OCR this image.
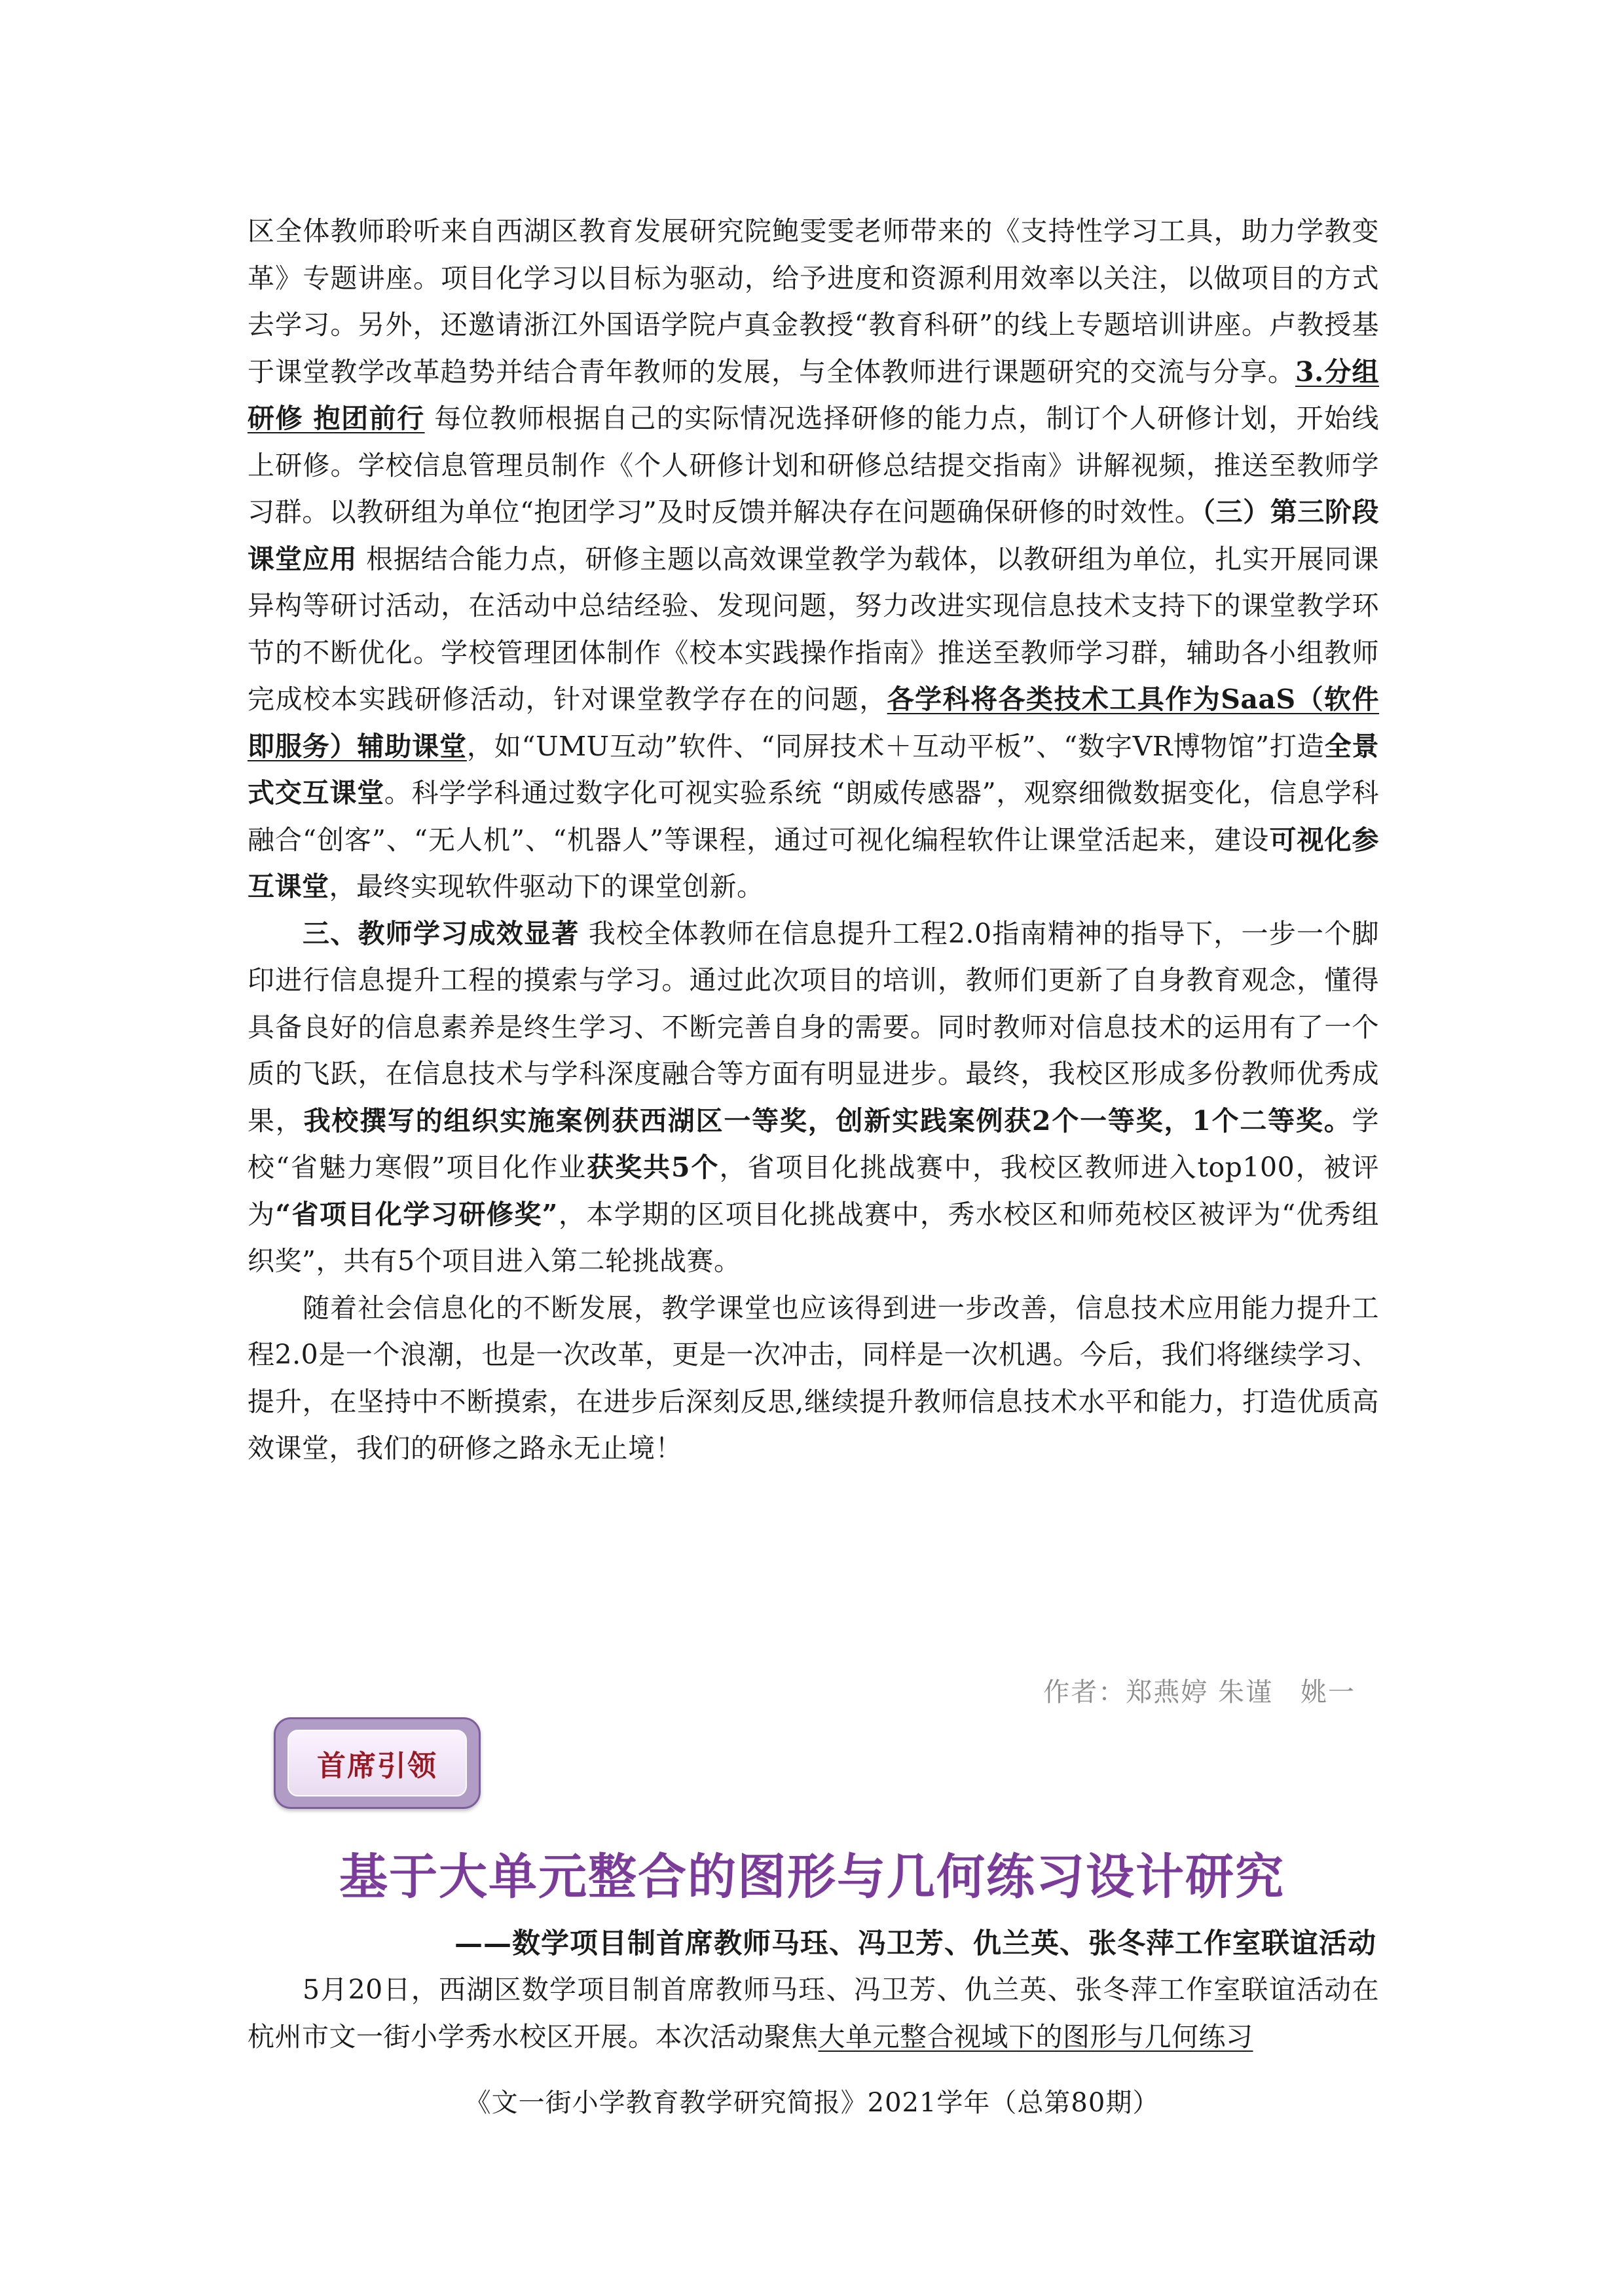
区全体教师聆听来自西湖区教育发展研究院鲍雯雯老师带来的《支持性学习工具，助力学教变革》专题讲座。项目化学习以目标为驱动，给予进度和资源利用效率以关注，以做项目的方式去学习。另外，还邀请浙江外国语学院卢真金教授“教育科研”的线上专题培训讲座。卢教授基于课堂教学改革趋势并结合青年教师的发展，与全体教师进行课题研究的交流与分享。3.分组研修 抱团前行 每位教师根据自己的实际情况选择研修的能力点，制订个人研修计划，开始线上研修。学校信息管理员制作《个人研修计划和研修总结提交指南》讲解视频，推送至教师学习群。以教研组为单位“抱团学习”及时反馈并解决存在问题确保研修的时效性。（三）第三阶段课堂应用 根据结合能力点，研修主题以高效课堂教学为载体，以教研组为单位，扎实开展同课异构等研讨活动，在活动中总结经验、发现问题，努力改进实现信息技术支持下的课堂教学环节的不断优化。学校管理团体制作《校本实践操作指南》推送至教师学习群，辅助各小组教师完成校本实践研修活动，针对课堂教学存在的问题，各学科将各类技术工具作为SaaS（软件即服务）辅助课堂，如“UMU互动”软件、“同屏技术＋互动平板”、“数字VR博物馆”打造全景式交互课堂。科学学科通过数字化可视实验系统 “朗威传感器”，观察细微数据变化，信息学科融合“创客”、“无人机”、“机器人”等课程，通过可视化编程软件让课堂活起来，建设可视化参互课堂，最终实现软件驱动下的课堂创新。

三、教师学习成效显著 我校全体教师在信息提升工程2.0指南精神的指导下，一步一个脚印进行信息提升工程的摸索与学习。通过此次项目的培训，教师们更新了自身教育观念，懂得具备良好的信息素养是终生学习、不断完善自身的需要。同时教师对信息技术的运用有了一个质的飞跃，在信息技术与学科深度融合等方面有明显进步。最终，我校区形成多份教师优秀成果，我校撰写的组织实施案例获西湖区一等奖，创新实践案例获2个一等奖，1个二等奖。学校“省魅力寒假”项目化作业获奖共5个，省项目化挑战赛中，我校区教师进入top100，被评为“省项目化学习研修奖”，本学期的区项目化挑战赛中，秀水校区和师苑校区被评为“优秀组织奖”，共有5个项目进入第二轮挑战赛。

随着社会信息化的不断发展，教学课堂也应该得到进一步改善，信息技术应用能力提升工程2.0是一个浪潮，也是一次改革，更是一次冲击，同样是一次机遇。今后，我们将继续学习、提升，在坚持中不断摸索，在进步后深刻反思,继续提升教师信息技术水平和能力，打造优质高效课堂，我们的研修之路永无止境！

作者：郑燕婷 朱谨　姚一
首席引领
基于大单元整合的图形与几何练习设计研究
——数学项目制首席教师马珏、冯卫芳、仇兰英、张冬萍工作室联谊活动

5月20日，西湖区数学项目制首席教师马珏、冯卫芳、仇兰英、张冬萍工作室联谊活动在杭州市文一街小学秀水校区开展。本次活动聚焦大单元整合视域下的图形与几何练习

《文一街小学教育教学研究简报》2021学年（总第80期）
